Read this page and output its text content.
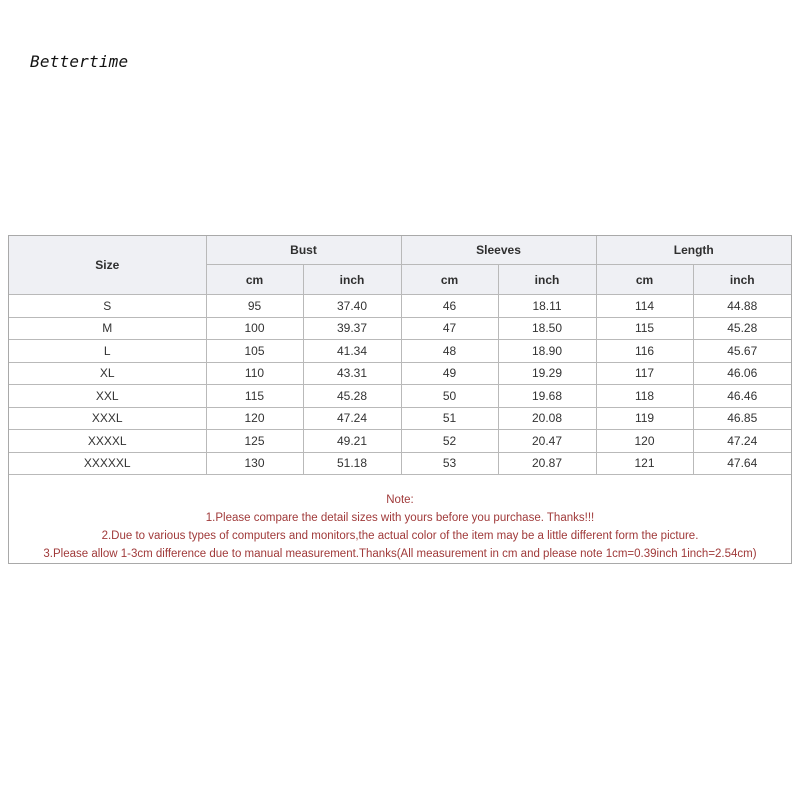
Bettertime
Size	Bust		Sleeves		Length	
	cm	inch	cm	inch	cm	inch
S	95	37.40	46	18.11	114	44.88
M	100	39.37	47	18.50	115	45.28
L	105	41.34	48	18.90	116	45.67
XL	110	43.31	49	19.29	117	46.06
XXL	115	45.28	50	19.68	118	46.46
XXXL	120	47.24	51	20.08	119	46.85
XXXXL	125	49.21	52	20.47	120	47.24
XXXXXL	130	51.18	53	20.87	121	47.64
Note:
1.Please compare the detail sizes with yours before you purchase. Thanks!!!
2.Due to various types of computers and monitors,the actual color of the item may be a little different form the picture.
3.Please allow 1-3cm difference due to manual measurement.Thanks(All measurement in cm and please note 1cm=0.39inch 1inch=2.54cm)
